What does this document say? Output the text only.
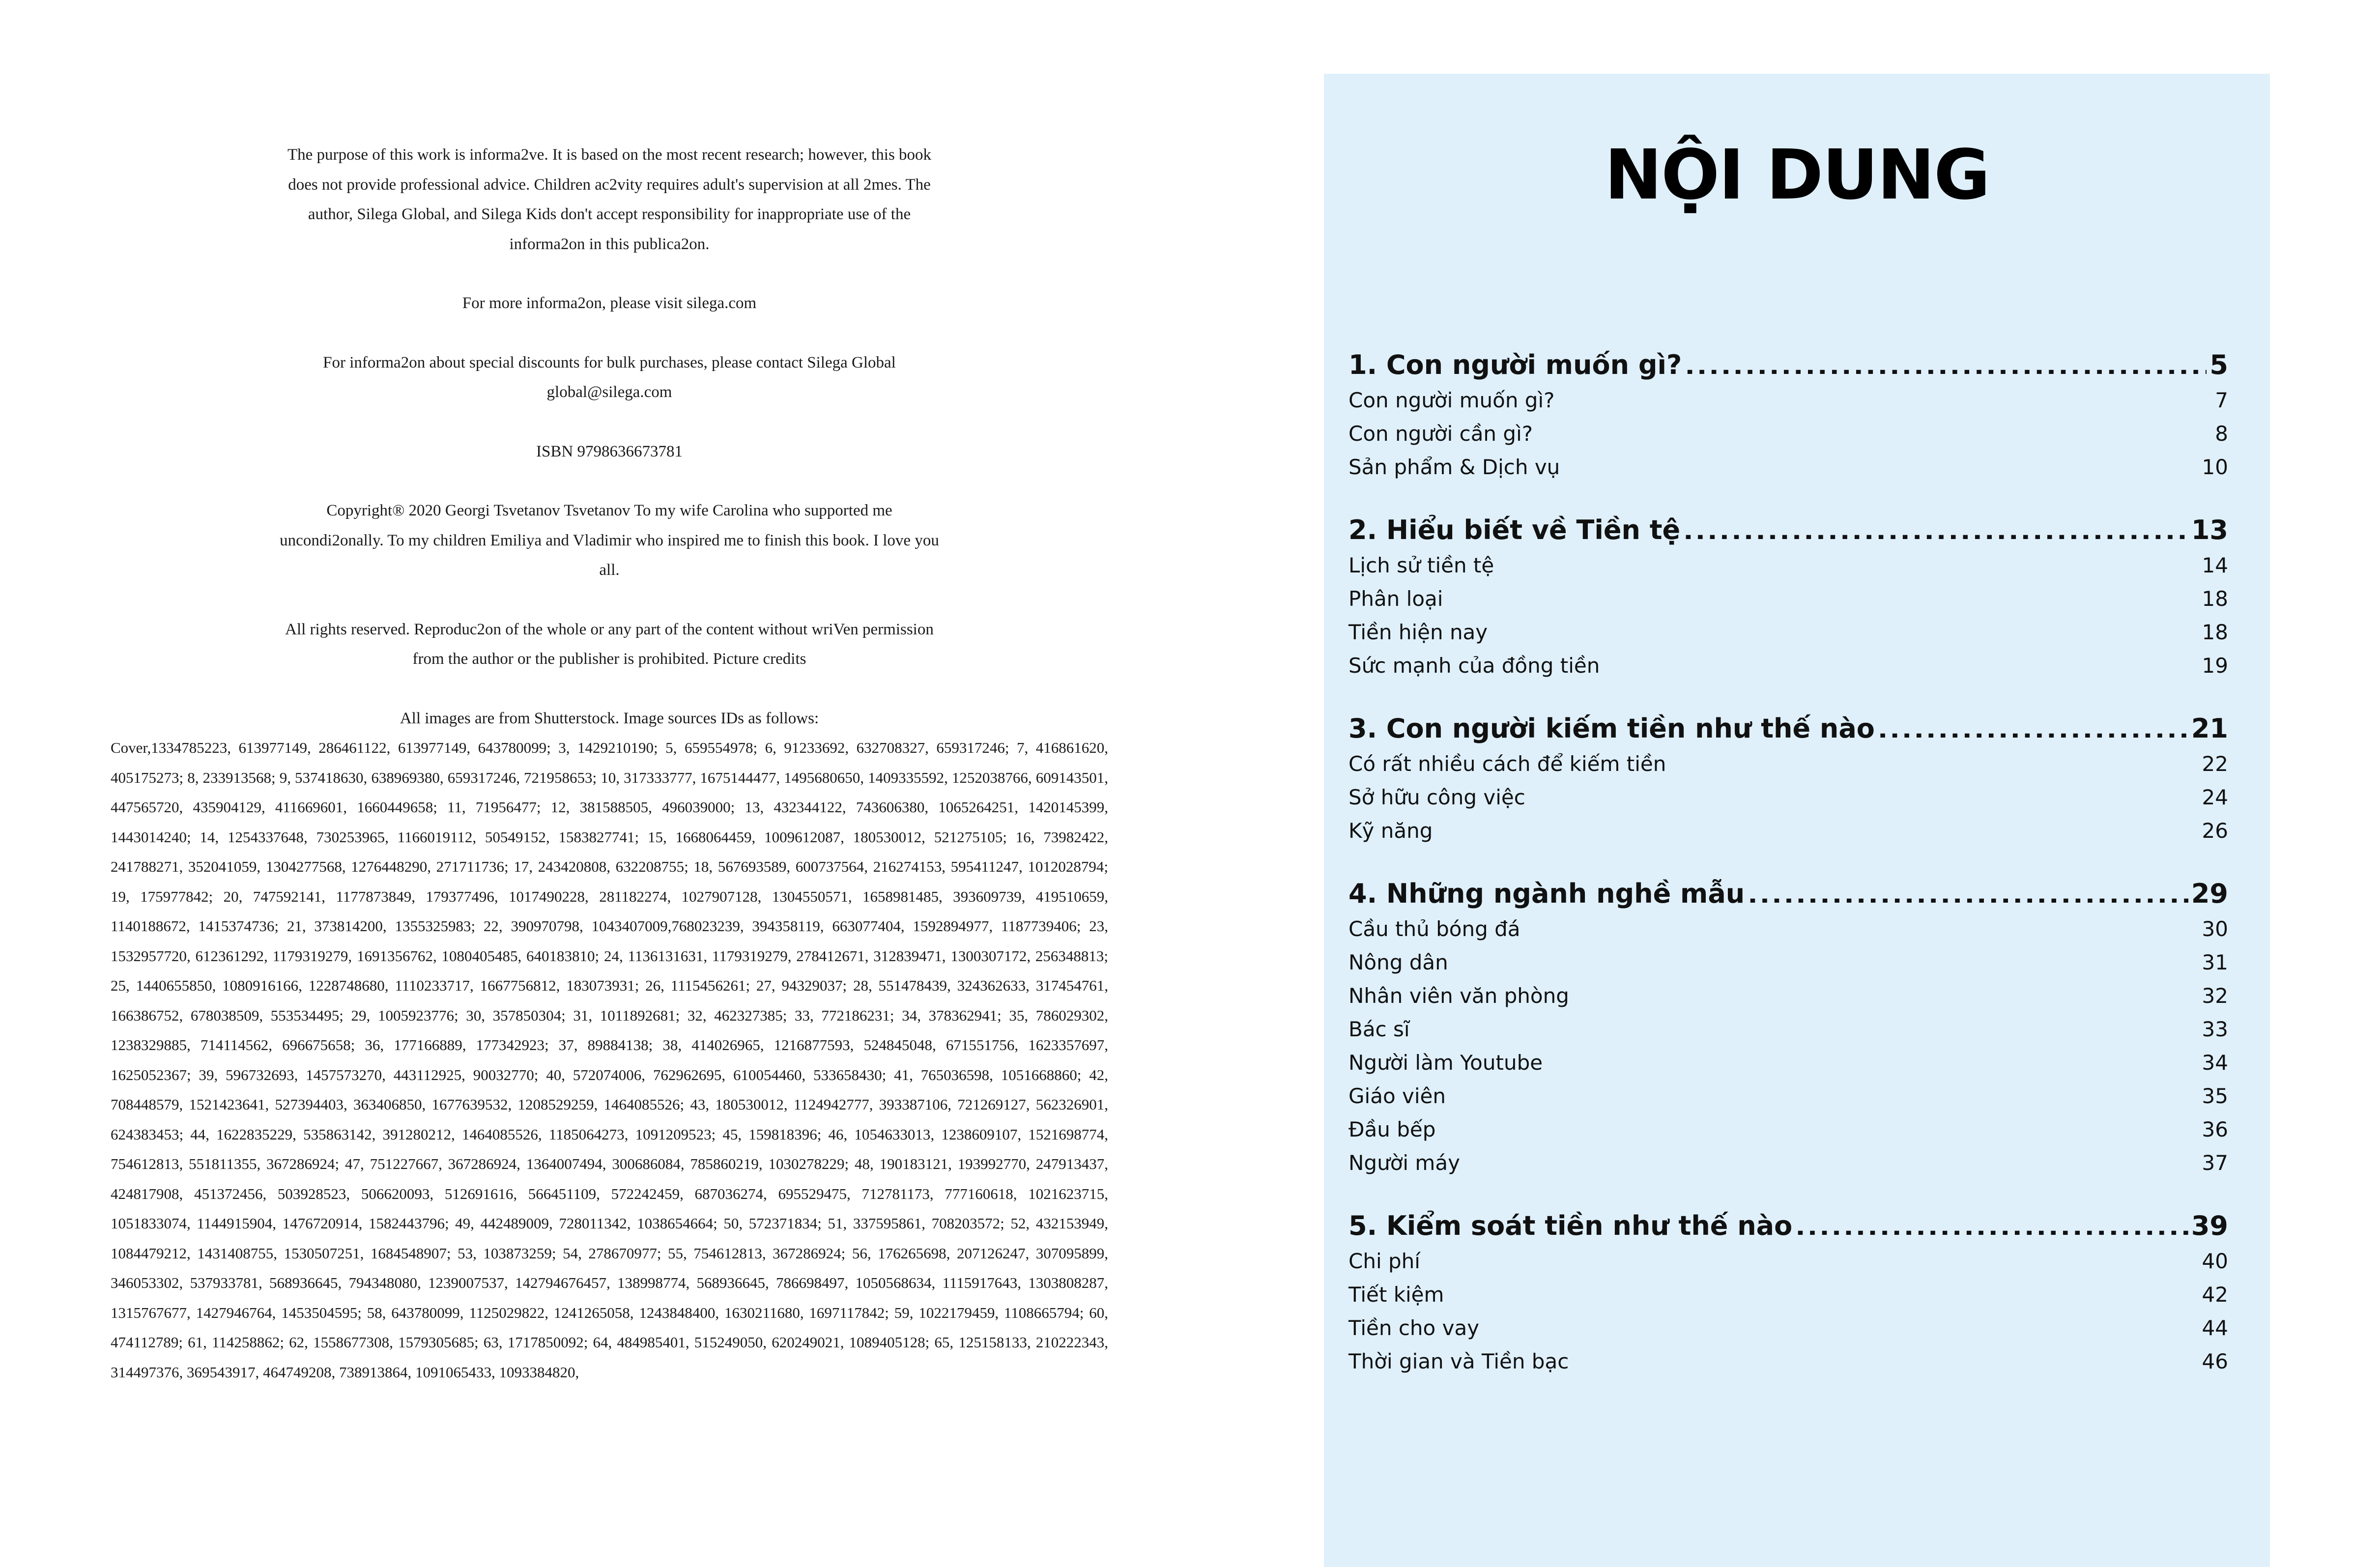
The purpose of this work is informa2ve. It is based on the most recent research; however, this book does not provide professional advice. Children ac2vity requires adult's supervision at all 2mes. The author, Silega Global, and Silega Kids don't accept responsibility for inappropriate use of the informa2on in this publica2on.

For more informa2on, please visit silega.com

For informa2on about special discounts for bulk purchases, please contact Silega Global global@silega.com

ISBN 9798636673781

Copyright® 2020 Georgi Tsvetanov Tsvetanov To my wife Carolina who supported me uncondi2onally. To my children Emiliya and Vladimir who inspired me to finish this book. I love you all.

All rights reserved. Reproduc2on of the whole or any part of the content without wriVen permission from the author or the publisher is prohibited. Picture credits

All images are from Shutterstock. Image sources IDs as follows:
Cover,1334785223, 613977149, 286461122, 613977149, 643780099; 3, 1429210190; 5, 659554978; 6, 91233692, 632708327, 659317246; 7, 416861620, 405175273; 8, 233913568; 9, 537418630, 638969380, 659317246, 721958653; 10, 317333777, 1675144477, 1495680650, 1409335592, 1252038766, 609143501, 447565720, 435904129, 411669601, 1660449658; 11, 71956477; 12, 381588505, 496039000; 13, 432344122, 743606380, 1065264251, 1420145399, 1443014240; 14, 1254337648, 730253965, 1166019112, 50549152, 1583827741; 15, 1668064459, 1009612087, 180530012, 521275105; 16, 73982422, 241788271, 352041059, 1304277568, 1276448290, 271711736; 17, 243420808, 632208755; 18, 567693589, 600737564, 216274153, 595411247, 1012028794; 19, 175977842; 20, 747592141, 1177873849, 179377496, 1017490228, 281182274, 1027907128, 1304550571, 1658981485, 393609739, 419510659, 1140188672, 1415374736; 21, 373814200, 1355325983; 22, 390970798, 1043407009,768023239, 394358119, 663077404, 1592894977, 1187739406; 23, 1532957720, 612361292, 1179319279, 1691356762, 1080405485, 640183810; 24, 1136131631, 1179319279, 278412671, 312839471, 1300307172, 256348813; 25, 1440655850, 1080916166, 1228748680, 1110233717, 1667756812, 183073931; 26, 1115456261; 27, 94329037; 28, 551478439, 324362633, 317454761, 166386752, 678038509, 553534495; 29, 1005923776; 30, 357850304; 31, 1011892681; 32, 462327385; 33, 772186231; 34, 378362941; 35, 786029302, 1238329885, 714114562, 696675658; 36, 177166889, 177342923; 37, 89884138; 38, 414026965, 1216877593, 524845048, 671551756, 1623357697, 1625052367; 39, 596732693, 1457573270, 443112925, 90032770; 40, 572074006, 762962695, 610054460, 533658430; 41, 765036598, 1051668860; 42, 708448579, 1521423641, 527394403, 363406850, 1677639532, 1208529259, 1464085526; 43, 180530012, 1124942777, 393387106, 721269127, 562326901, 624383453; 44, 1622835229, 535863142, 391280212, 1464085526, 1185064273, 1091209523; 45, 159818396; 46, 1054633013, 1238609107, 1521698774, 754612813, 551811355, 367286924; 47, 751227667, 367286924, 1364007494, 300686084, 785860219, 1030278229; 48, 190183121, 193992770, 247913437, 424817908, 451372456, 503928523, 506620093, 512691616, 566451109, 572242459, 687036274, 695529475, 712781173, 777160618, 1021623715, 1051833074, 1144915904, 1476720914, 1582443796; 49, 442489009, 728011342, 1038654664; 50, 572371834; 51, 337595861, 708203572; 52, 432153949, 1084479212, 1431408755, 1530507251, 1684548907; 53, 103873259; 54, 278670977; 55, 754612813, 367286924; 56, 176265698, 207126247, 307095899, 346053302, 537933781, 568936645, 794348080, 1239007537, 142794676457, 138998774, 568936645, 786698497, 1050568634, 1115917643, 1303808287, 1315767677, 1427946764, 1453504595; 58, 643780099, 1125029822, 1241265058, 1243848400, 1630211680, 1697117842; 59, 1022179459, 1108665794; 60, 474112789; 61, 114258862; 62, 1558677308, 1579305685; 63, 1717850092; 64, 484985401, 515249050, 620249021, 1089405128; 65, 125158133, 210222343, 314497376, 369543917, 464749208, 738913864, 1091065433, 1093384820,
NỘI DUNG
1. Con người muốn gì? .....	5
Con người muốn gì? .....	7
Con người cần gì? .....	8
Sản phẩm & Dịch vụ .....	10
2. Hiểu biết về Tiền tệ .....	13
Lịch sử tiền tệ .....	14
Phân loại .....	18
Tiền hiện nay .....	18
Sức mạnh của đồng tiền .....	19
3. Con người kiếm tiền như thế nào .....	21
Có rất nhiều cách để kiếm tiền .....	22
Sở hữu công việc .....	24
Kỹ năng .....	26
4. Những ngành nghề mẫu .....	29
Cầu thủ bóng đá .....	30
Nông dân .....	31
Nhân viên văn phòng .....	32
Bác sĩ .....	33
Người làm Youtube .....	34
Giáo viên .....	35
Đầu bếp .....	36
Người máy .....	37
5. Kiểm soát tiền như thế nào .....	39
Chi phí .....	40
Tiết kiệm .....	42
Tiền cho vay .....	44
Thời gian và Tiền bạc .....	46
